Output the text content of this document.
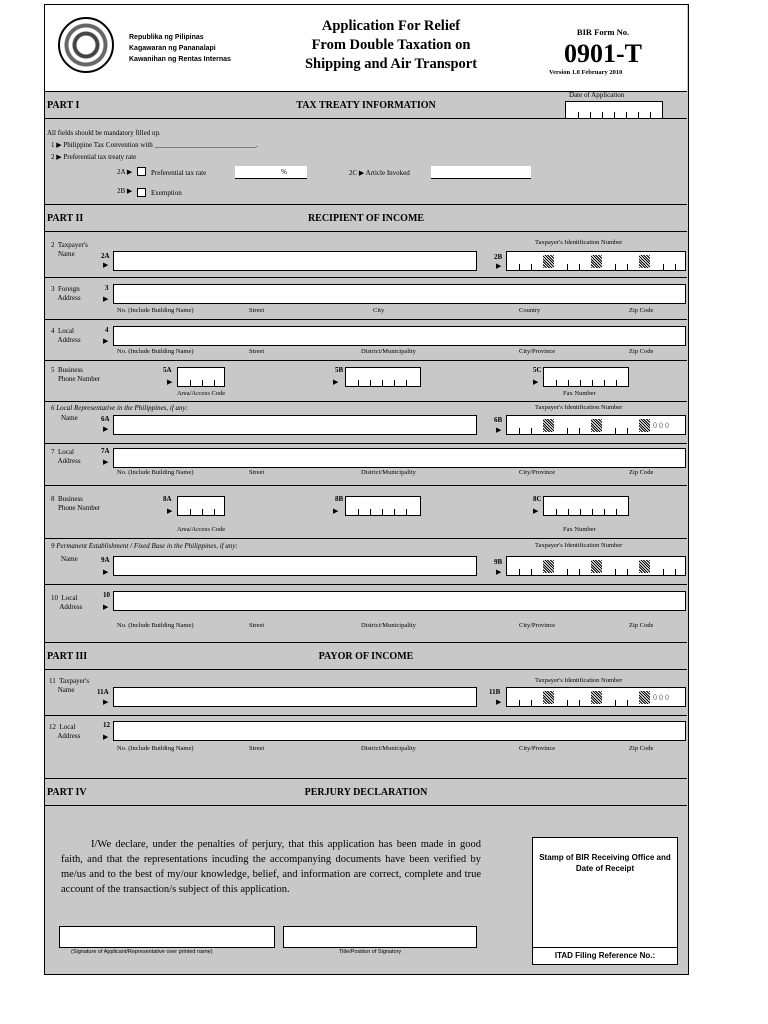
Republika ng Pilipinas
Kagawaran ng Pananalapi
Kawanihan ng Rentas Internas
Application For Relief
From Double Taxation on
Shipping and Air Transport
BIR Form No.
0901-T
Version 1.0 February 2010
PART I	TAX TREATY INFORMATION
Date of Application
All fields should be mandatory filled up.
1 ▶ Philippine Tax Convention with _____________________________.
2 ▶ Preferential tax treaty rate
2A ▶	Preferential tax rate	%	2C ▶ Article Invoked
2B ▶	Exemption
PART II	RECIPIENT OF INCOME
2  Taxpayer's
Name	2A
▶
Taxpayer's Identification Number
2B
▶
3  Foreign
Address
3
▶
No. (Include Building Name)	Street	City	Country	Zip Code
4  Local
Address
4
▶
No. (Include Building Name)	Street	District/Municipality	City/Province	Zip Code
5  Business
Phone Number
5A
▶
Area/Access Code
5B
▶
5C
▶
Fax Number
6 Local Representative in the Philippines, if any:
Name
Taxpayer's Identification Number
6A
▶
6B
▶	0 0 0
7  Local
Address
7A
▶
No. (Include Building Name)	Street	District/Municipality	City/Province	Zip Code
8  Business
Phone Number
8A
▶
Area/Access Code
8B
▶
8C
▶
Fax Number
9 Permanent Establishment / Fixed Base in the Philippines, if any:
Name
Taxpayer's Identification Number
9A
▶
9B
▶
10  Local
Address
10
▶
No. (Include Building Name)	Street	District/Municipality	City/Province	Zip Code
PART III	PAYOR OF INCOME
11  Taxpayer's
Name
Taxpayer's Identification Number
11A
▶
11B
▶	0 0 0
12  Local
Address
12
▶
No. (Include Building Name)	Street	District/Municipality	City/Province	Zip Code
PART IV	PERJURY DECLARATION
I/We declare, under the penalties of perjury, that this application has been made in good faith, and that the representations incuding the accompanying documents have been verified by me/us and to the best of my/our knowledge, belief, and information are correct, complete and true account of the transaction/s subject of this application.
(Signature of Applicant/Representative over printed name)	Title/Position of Signatory
Stamp of BIR Receiving Office and Date of Receipt
ITAD Filing Reference No.:
